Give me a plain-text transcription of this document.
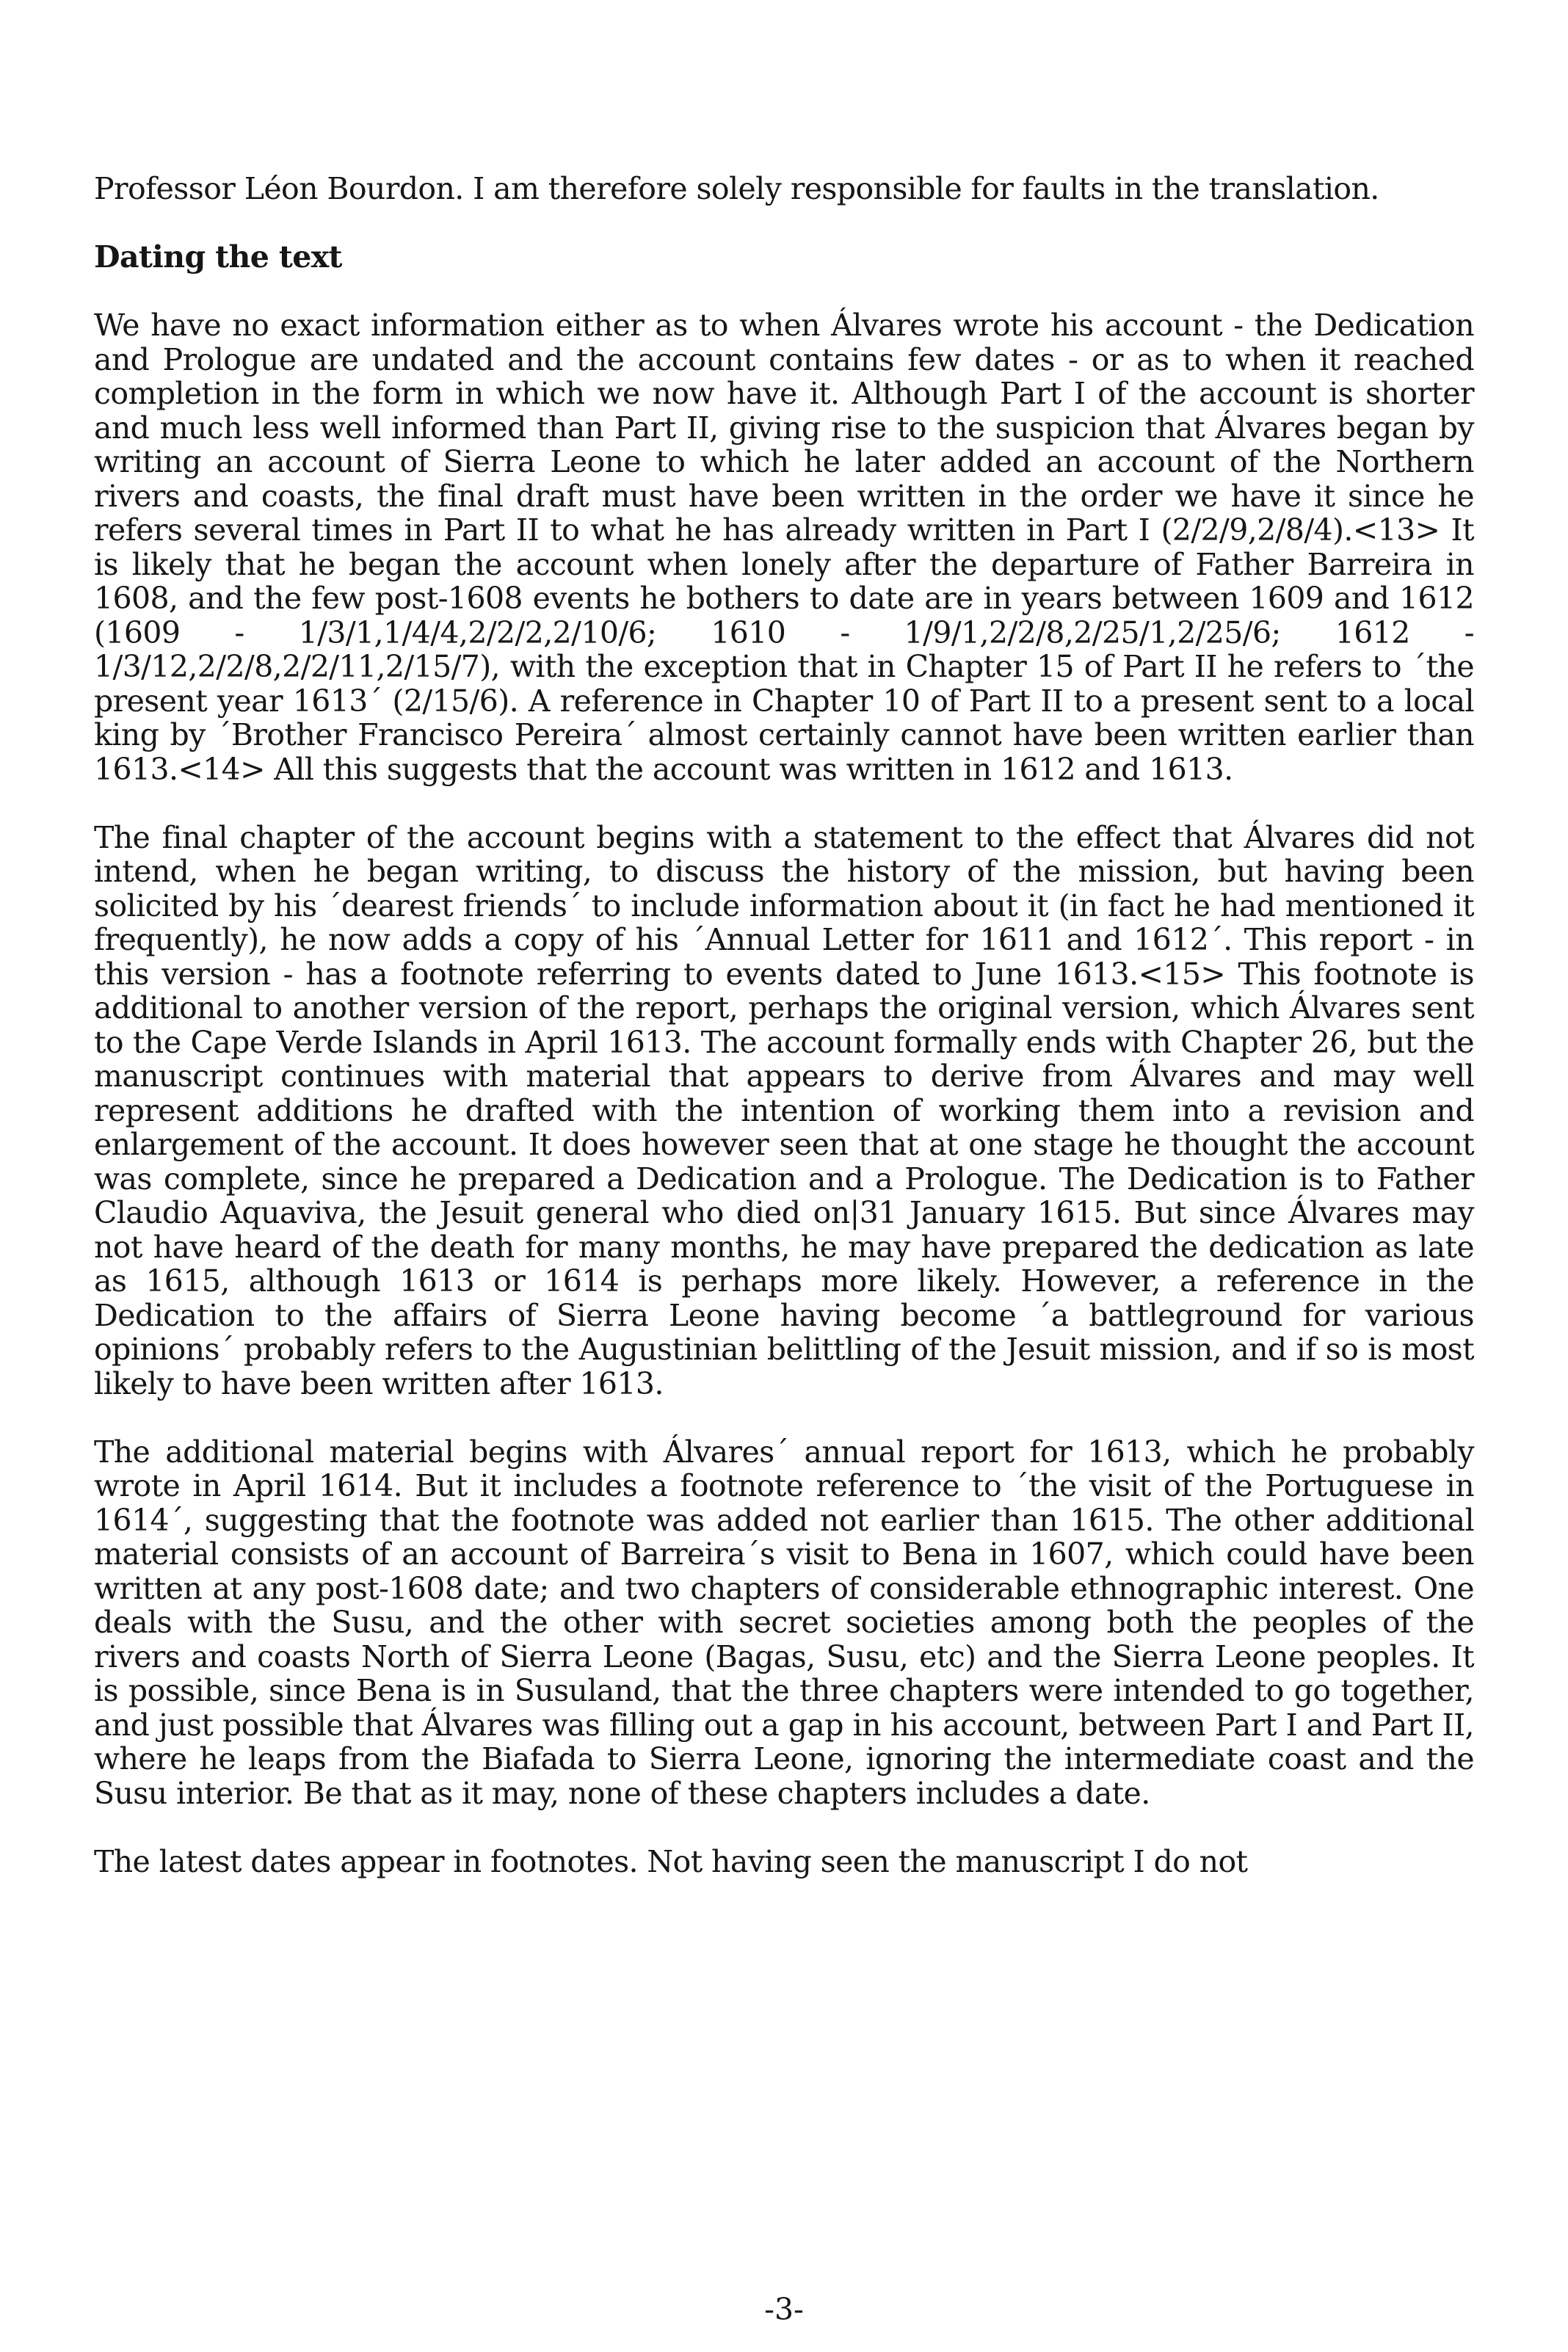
Professor Léon Bourdon. I am therefore solely responsible for faults in the translation.

Dating the text

We have no exact information either as to when Álvares wrote his account - the Dedication and Prologue are undated and the account contains few dates - or as to when it reached completion in the form in which we now have it. Although Part I of the account is shorter and much less well informed than Part II, giving rise to the suspicion that Álvares began by writing an account of Sierra Leone to which he later added an account of the Northern rivers and coasts, the final draft must have been written in the order we have it since he refers several times in Part II to what he has already written in Part I (2/2/9,2/8/4).<13> It is likely that he began the account when lonely after the departure of Father Barreira in 1608, and the few post-1608 events he bothers to date are in years between 1609 and 1612 (1609 - 1/3/1,1/4/4,2/2/2,2/10/6; 1610 - 1/9/1,2/2/8,2/25/1,2/25/6; 1612 - 1/3/12,2/2/8,2/2/11,2/15/7), with the exception that in Chapter 15 of Part II he refers to ´the present year 1613´ (2/15/6). A reference in Chapter 10 of Part II to a present sent to a local king by ´Brother Francisco Pereira´ almost certainly cannot have been written earlier than 1613.<14> All this suggests that the account was written in 1612 and 1613.

The final chapter of the account begins with a statement to the effect that Álvares did not intend, when he began writing, to discuss the history of the mission, but having been solicited by his ´dearest friends´ to include information about it (in fact he had mentioned it frequently), he now adds a copy of his ´Annual Letter for 1611 and 1612´. This report - in this version - has a footnote referring to events dated to June 1613.<15> This footnote is additional to another version of the report, perhaps the original version, which Álvares sent to the Cape Verde Islands in April 1613. The account formally ends with Chapter 26, but the manuscript continues with material that appears to derive from Álvares and may well represent additions he drafted with the intention of working them into a revision and enlargement of the account. It does however seen that at one stage he thought the account was complete, since he prepared a Dedication and a Prologue. The Dedication is to Father Claudio Aquaviva, the Jesuit general who died on|31 January 1615. But since Álvares may not have heard of the death for many months, he may have prepared the dedication as late as 1615, although 1613 or 1614 is perhaps more likely. However, a reference in the Dedication to the affairs of Sierra Leone having become ´a battleground for various opinions´ probably refers to the Augustinian belittling of the Jesuit mission, and if so is most likely to have been written after 1613.

The additional material begins with Álvares´ annual report for 1613, which he probably wrote in April 1614. But it includes a footnote reference to ´the visit of the Portuguese in 1614´, suggesting that the footnote was added not earlier than 1615. The other additional material consists of an account of Barreira´s visit to Bena in 1607, which could have been written at any post-1608 date; and two chapters of considerable ethnographic interest. One deals with the Susu, and the other with secret societies among both the peoples of the rivers and coasts North of Sierra Leone (Bagas, Susu, etc) and the Sierra Leone peoples. It is possible, since Bena is in Susuland, that the three chapters were intended to go together, and just possible that Álvares was filling out a gap in his account, between Part I and Part II, where he leaps from the Biafada to Sierra Leone, ignoring the intermediate coast and the Susu interior. Be that as it may, none of these chapters includes a date.

The latest dates appear in footnotes. Not having seen the manuscript I do not

-3-
